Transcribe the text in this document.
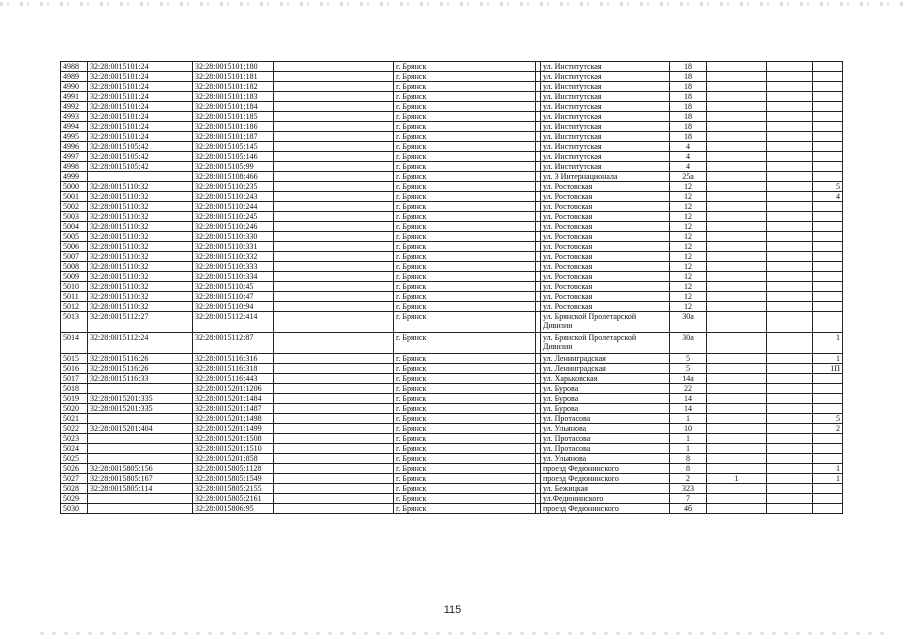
4988	32:28:0015101:24	32:28:0015101:180		г. Брянск		ул. Институтская	18			
4989	32:28:0015101:24	32:28:0015101:181		г. Брянск		ул. Институтская	18			
4990	32:28:0015101:24	32:28:0015101:182		г. Брянск		ул. Институтская	18			
4991	32:28:0015101:24	32:28:0015101:183		г. Брянск		ул. Институтская	18			
4992	32:28:0015101:24	32:28:0015101:184		г. Брянск		ул. Институтская	18			
4993	32:28:0015101:24	32:28:0015101:185		г. Брянск		ул. Институтская	18			
4994	32:28:0015101:24	32:28:0015101:186		г. Брянск		ул. Институтская	18			
4995	32:28:0015101:24	32:28:0015101:187		г. Брянск		ул. Институтская	18			
4996	32:28:0015105:42	32:28:0015105:145		г. Брянск		ул. Институтская	4			
4997	32:28:0015105:42	32:28:0015105:146		г. Брянск		ул. Институтская	4			
4998	32:28:0015105:42	32:28:0015105:99		г. Брянск		ул. Институтская	4			
4999		32:28:0015108:466		г. Брянск		ул. 3 Интернационала	25а			
5000	32:28:0015110:32	32:28:0015110:235		г. Брянск		ул. Ростовская	12			5
5001	32:28:0015110:32	32:28:0015110:243		г. Брянск		ул. Ростовская	12			4
5002	32:28:0015110:32	32:28:0015110:244		г. Брянск		ул. Ростовская	12			
5003	32:28:0015110:32	32:28:0015110:245		г. Брянск		ул. Ростовская	12			
5004	32:28:0015110:32	32:28:0015110:246		г. Брянск		ул. Ростовская	12			
5005	32:28:0015110:32	32:28:0015110:330		г. Брянск		ул. Ростовская	12			
5006	32:28:0015110:32	32:28:0015110:331		г. Брянск		ул. Ростовская	12			
5007	32:28:0015110:32	32:28:0015110:332		г. Брянск		ул. Ростовская	12			
5008	32:28:0015110:32	32:28:0015110:333		г. Брянск		ул. Ростовская	12			
5009	32:28:0015110:32	32:28:0015110:334		г. Брянск		ул. Ростовская	12			
5010	32:28:0015110:32	32:28:0015110:45		г. Брянск		ул. Ростовская	12			
5011	32:28:0015110:32	32:28:0015110:47		г. Брянск		ул. Ростовская	12			
5012	32:28:0015110:32	32:28:0015110:94		г. Брянск		ул. Ростовская	12			
5013	32:28:0015112:27	32:28:0015112:414		г. Брянск		ул. Брянской Пролетарской Дивизии	30а			
5014	32:28:0015112:24	32:28:0015112:87		г. Брянск		ул. Брянской Пролетарской Дивизии	30а			1
5015	32:28:0015116:26	32:28:0015116:316		г. Брянск		ул. Ленинградская	5			1
5016	32:28:0015116:26	32:28:0015116:318		г. Брянск		ул. Ленинградская	5			1П
5017	32:28:0015116:33	32:28:0015116:443		г. Брянск		ул. Харьковская	14а			
5018		32:28:0015201:1206		г. Брянск		ул. Бурова	22			
5019	32:28:0015201:335	32:28:0015201:1484		г. Брянск		ул. Бурова	14			
5020	32:28:0015201:335	32:28:0015201:1487		г. Брянск		ул. Бурова	14			
5021		32:28:0015201:1498		г. Брянск		ул. Протасова	1			5
5022	32:28:0015201:404	32:28:0015201:1499		г. Брянск		ул. Ульянова	10			2
5023		32:28:0015201:1508		г. Брянск		ул. Протасова	1			
5024		32:28:0015201:1510		г. Брянск		ул. Протасова	1			
5025		32:28:0015201:858		г. Брянск		ул. Ульянова	8			
5026	32:28:0015805:156	32:28:0015805:1128		г. Брянск		проезд Федюнинского	8			1
5027	32:28:0015805:167	32:28:0015805:1549		г. Брянск		проезд Федюнинского	2	1		1
5028	32:28:0015805:114	32:28:0015805:2155		г. Брянск		ул. Бежицкая	323			
5029		32:28:0015805:2161		г. Брянск		ул.Федюнинского	7			
5030		32:28:0015806:95		г. Брянск		проезд Федюнинского	4б			
115
